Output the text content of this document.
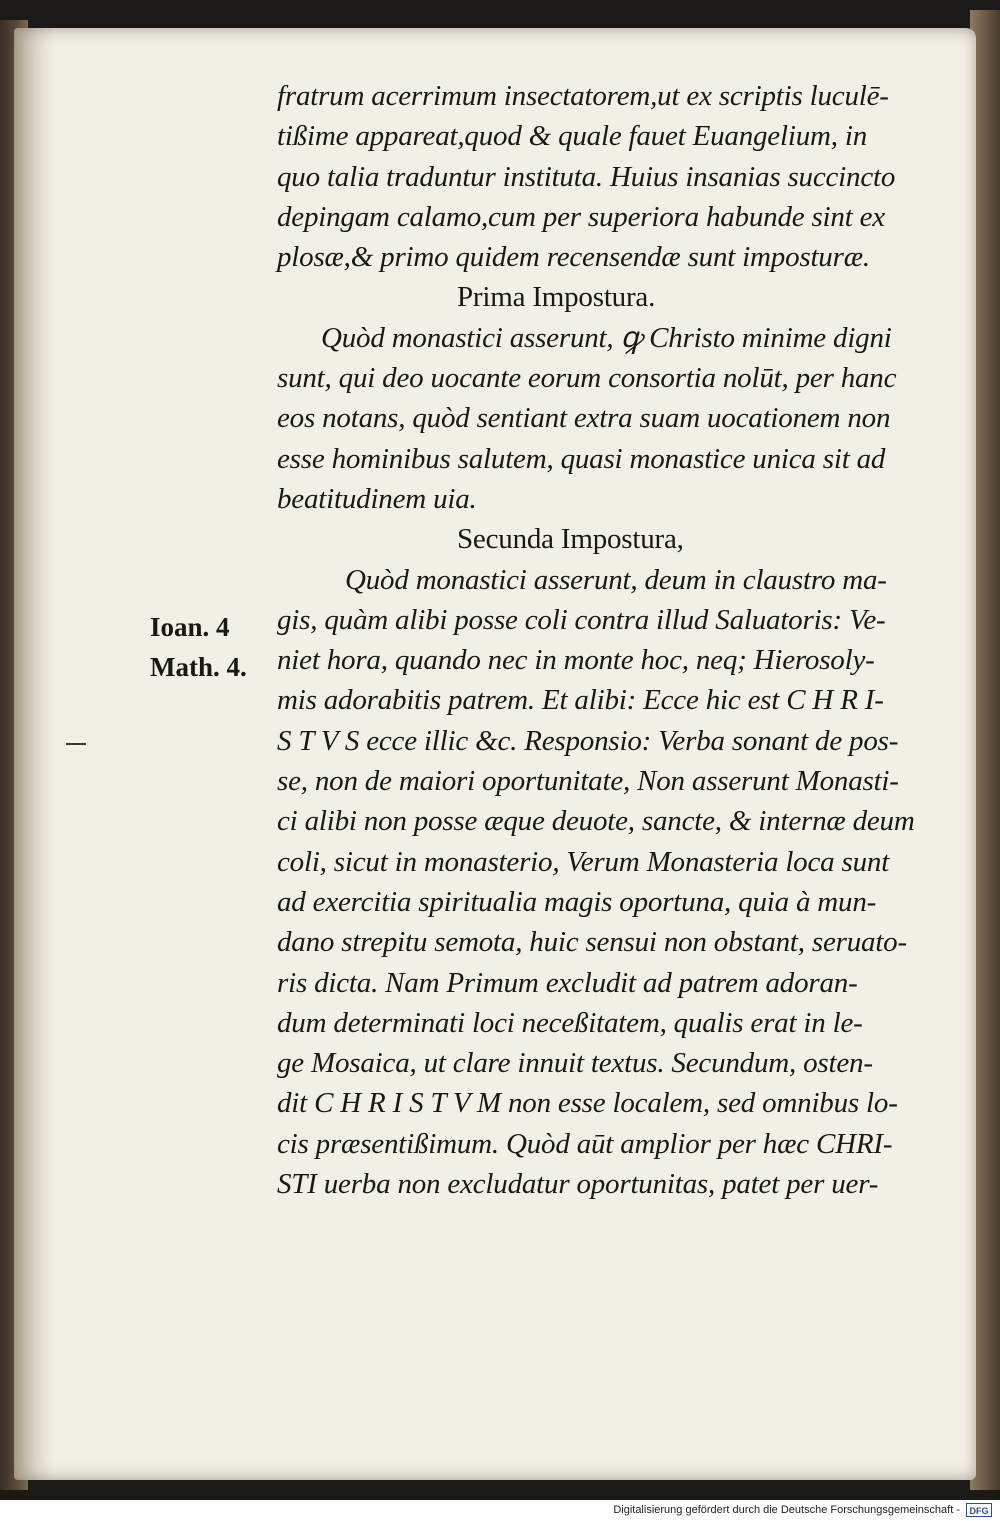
fratrum acerrimum insectatorem,ut ex scriptis luculē-
tißime appareat,quod & quale fauet Euangelium, in
quo talia traduntur instituta. Huius insanias succincto
depingam calamo,cum per superiora habunde sint ex
plosæ,& primo quidem recensendæ sunt imposturæ.
Prima Impostura.
Quòd monastici asserunt, ꝙ Christo minime digni
sunt, qui deo uocante eorum consortia nolūt, per hanc
eos notans, quòd sentiant extra suam uocationem non
esse hominibus salutem, quasi monastice unica sit ad
beatitudinem uia.
Secunda Impostura,
Quòd monastici asserunt, deum in claustro ma-
gis, quàm alibi posse coli contra illud Saluatoris: Ve-
niet hora, quando nec in monte hoc, neq; Hierosoly-
mis adorabitis patrem. Et alibi: Ecce hic est C H R I-
S T V S ecce illic &c. Responsio: Verba sonant de pos-
se, non de maiori oportunitate, Non asserunt Monasti-
ci alibi non posse æque deuote, sancte, & internæ deum
coli, sicut in monasterio, Verum Monasteria loca sunt
ad exercitia spiritualia magis oportuna, quia à mun-
dano strepitu semota, huic sensui non obstant, seruato-
ris dicta. Nam Primum excludit ad patrem adoran-
dum determinati loci neceßitatem, qualis erat in le-
ge Mosaica, ut clare innuit textus. Secundum, osten-
dit C H R I S T V M non esse localem, sed omnibus lo-
cis præsentißimum. Quòd aūt amplior per hæc CHRI-
STI uerba non excludatur oportunitas, patet per uer-
Ioan. 4
Math. 4.
Digitalisierung gefördert durch die Deutsche Forschungsgemeinschaft -	DFG
